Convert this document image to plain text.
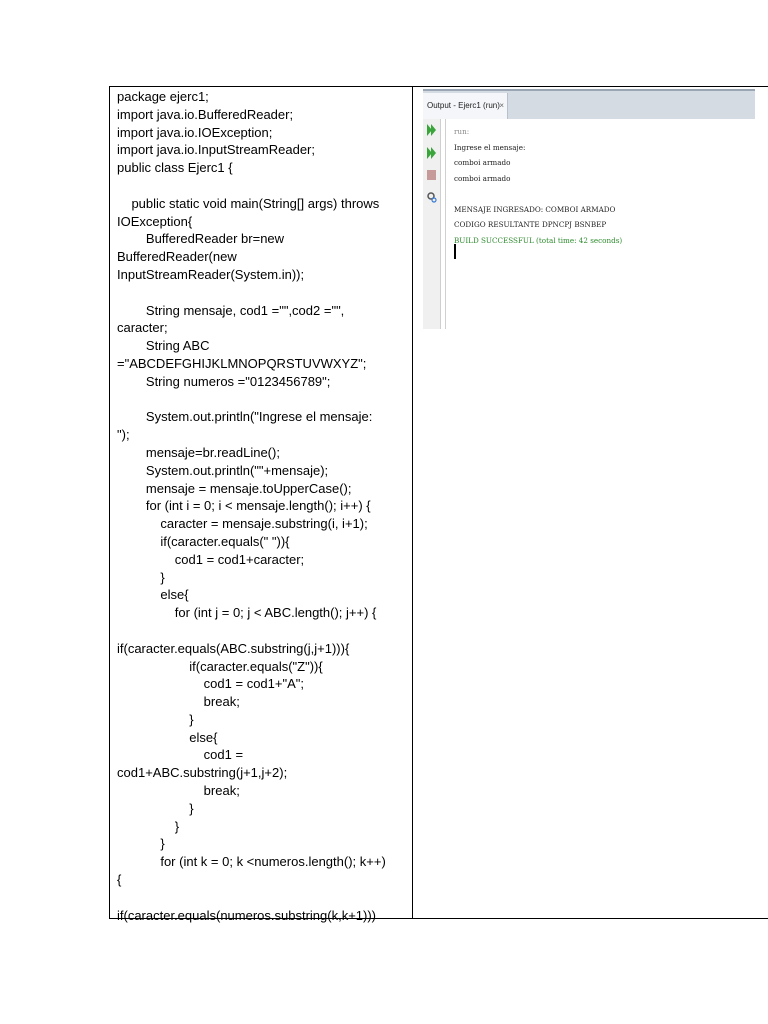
package ejerc1;
import java.io.BufferedReader;
import java.io.IOException;
import java.io.InputStreamReader;
public class Ejerc1 {
public static void main(String[] args) throws
IOException{
BufferedReader br=new
BufferedReader(new
InputStreamReader(System.in));
String mensaje, cod1 ="",cod2 ="",
caracter;
String ABC
="ABCDEFGHIJKLMNOPQRSTUVWXYZ";
String numeros ="0123456789";
System.out.println("Ingrese el mensaje:
");
mensaje=br.readLine();
System.out.println(""+mensaje);
mensaje = mensaje.toUpperCase();
for (int i = 0; i < mensaje.length(); i++) {
caracter = mensaje.substring(i, i+1);
if(caracter.equals(" ")){
cod1 = cod1+caracter;
}
else{
for (int j = 0; j < ABC.length(); j++) {
if(caracter.equals(ABC.substring(j,j+1))){
if(caracter.equals("Z")){
cod1 = cod1+"A";
break;
}
else{
cod1 =
cod1+ABC.substring(j+1,j+2);
break;
}
}
}
for (int k = 0; k <numeros.length(); k++)
{
if(caracter.equals(numeros.substring(k,k+1)))
Output - Ejerc1 (run) ×
run:
Ingrese el mensaje:
comboi armado
comboi armado
MENSAJE INGRESADO: COMBOI ARMADO
CODIGO RESULTANTE DPNCPJ BSNBEP
BUILD SUCCESSFUL (total time: 42 seconds)
